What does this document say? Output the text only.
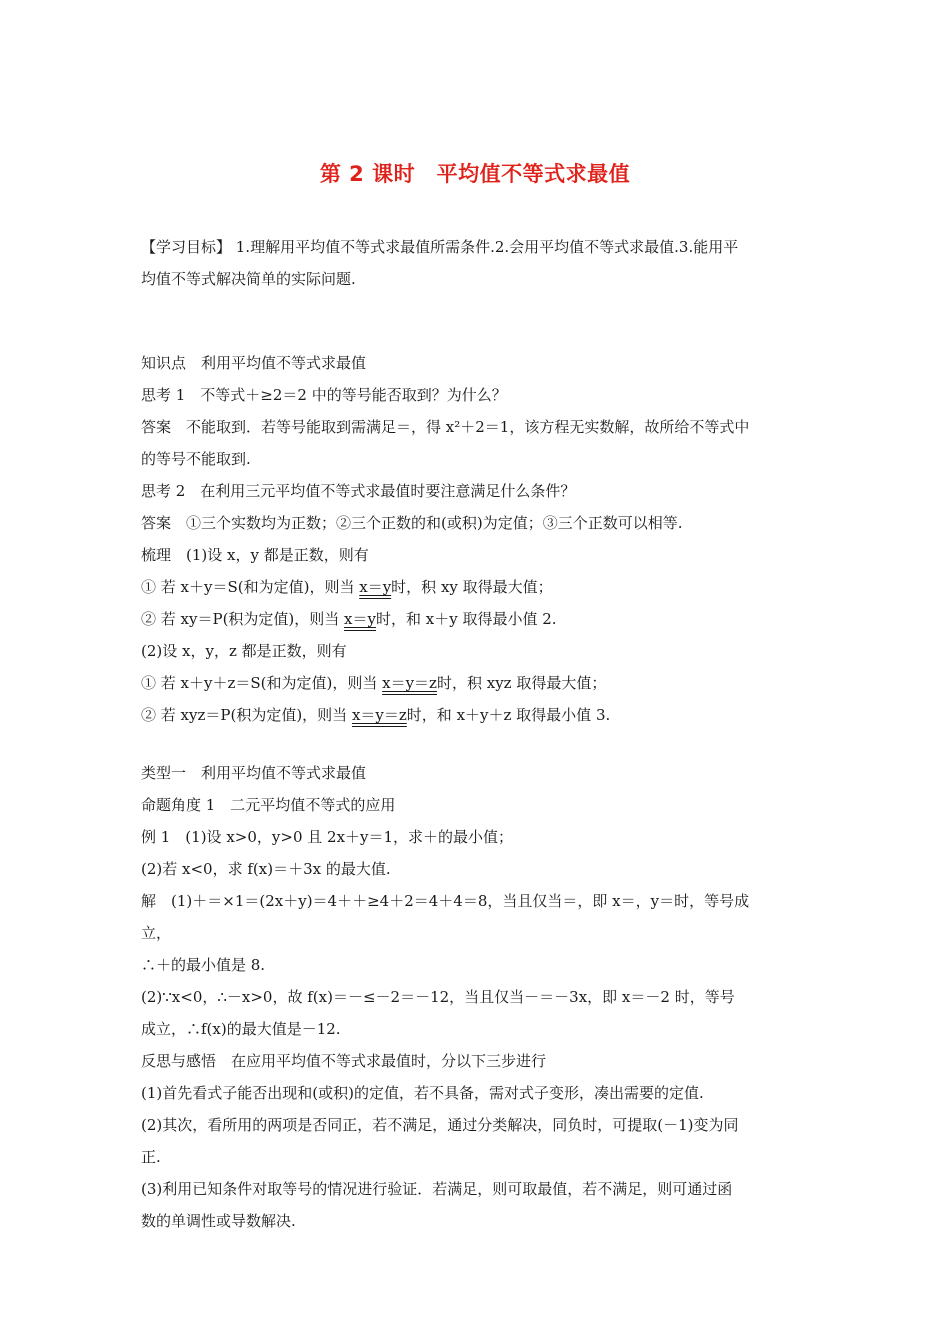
第 2 课时　平均值不等式求最值
【学习目标】 1.理解用平均值不等式求最值所需条件.2.会用平均值不等式求最值.3.能用平
均值不等式解决简单的实际问题.
知识点　利用平均值不等式求最值
思考 1　不等式＋≥2＝2 中的等号能否取到？为什么？
答案　不能取到．若等号能取到需满足＝，得 x²＋2＝1，该方程无实数解，故所给不等式中
的等号不能取到.
思考 2　在利用三元平均值不等式求最值时要注意满足什么条件？
答案　①三个实数均为正数；②三个正数的和(或积)为定值；③三个正数可以相等.
梳理　(1)设 x，y 都是正数，则有
① 若 x＋y＝S(和为定值)，则当 x＝y时，积 xy 取得最大值；
② 若 xy＝P(积为定值)，则当 x＝y时，和 x＋y 取得最小值 2.
(2)设 x，y，z 都是正数，则有
① 若 x＋y＋z＝S(和为定值)，则当 x＝y＝z时，积 xyz 取得最大值；
② 若 xyz＝P(积为定值)，则当 x＝y＝z时，和 x＋y＋z 取得最小值 3.
类型一　利用平均值不等式求最值
命题角度 1　二元平均值不等式的应用
例 1　(1)设 x>0，y>0 且 2x＋y＝1，求＋的最小值；
(2)若 x<0，求 f(x)＝＋3x 的最大值.
解　(1)＋＝×1＝(2x＋y)＝4＋＋≥4＋2＝4＋4＝8，当且仅当＝，即 x＝，y＝时，等号成
立，
∴＋的最小值是 8.
(2)∵x<0，∴－x>0，故 f(x)＝－≤－2＝－12，当且仅当－＝－3x，即 x＝－2 时，等号
成立，∴f(x)的最大值是－12.
反思与感悟　在应用平均值不等式求最值时，分以下三步进行
(1)首先看式子能否出现和(或积)的定值，若不具备，需对式子变形，凑出需要的定值.
(2)其次，看所用的两项是否同正，若不满足，通过分类解决，同负时，可提取(－1)变为同
正.
(3)利用已知条件对取等号的情况进行验证．若满足，则可取最值，若不满足，则可通过函
数的单调性或导数解决.
